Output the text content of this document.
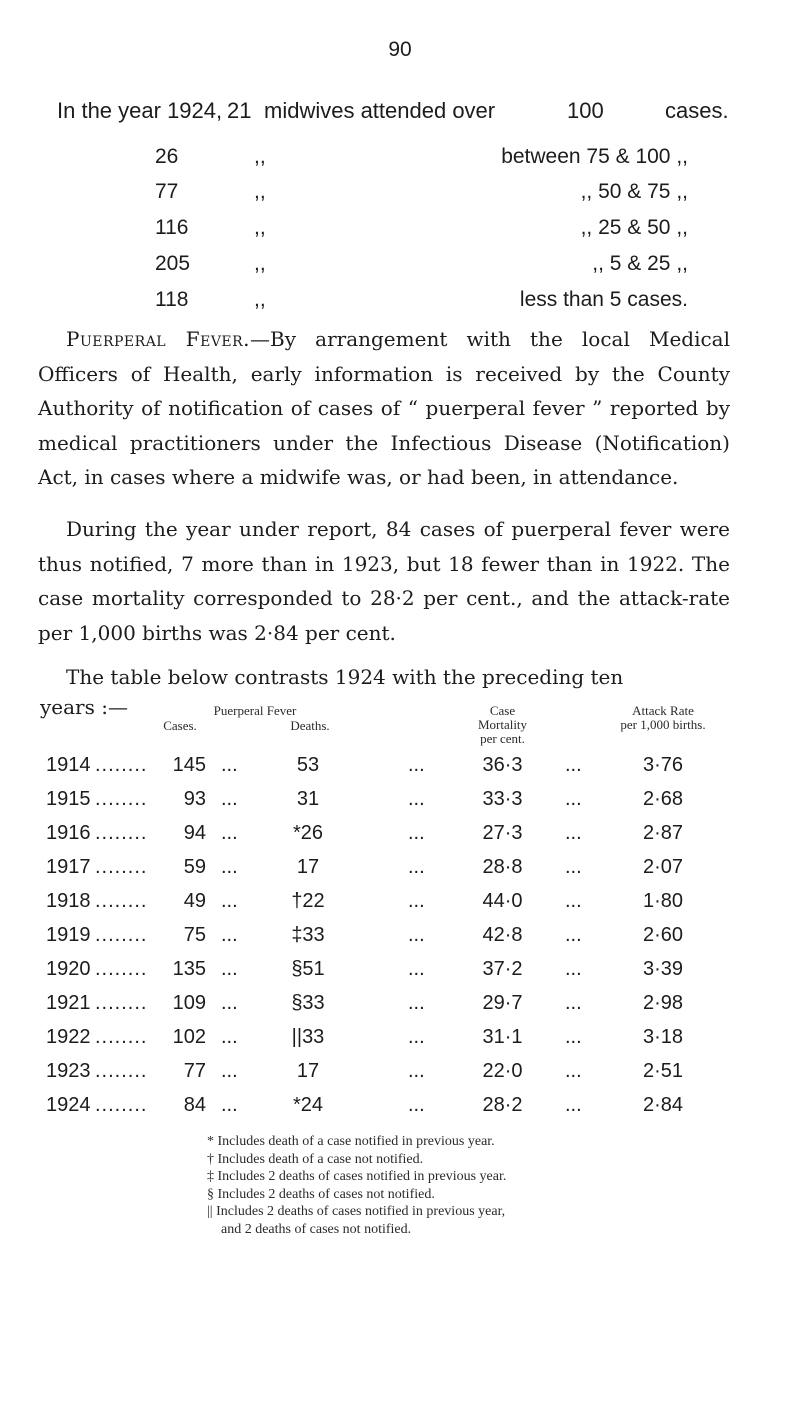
90
In the year 1924, 21 midwives attended over	100	cases.
26	,,	between 75 & 100 ,,
77	,,	,, 50 & 75 ,,
116	,,	,, 25 & 50 ,,
205	,,	,, 5 & 25 ,,
118	,,	less than 5 cases.

Puerperal Fever.—By arrangement with the local Medical Officers of Health, early information is received by the County Authority of notification of cases of “ puerperal fever ” reported by medical practitioners under the Infectious Disease (Notification) Act, in cases where a midwife was, or had been, in attendance.

During the year under report, 84 cases of puerperal fever were thus notified, 7 more than in 1923, but 18 fewer than in 1922. The case mortality corresponded to 28·2 per cent., and the attack-rate per 1,000 births was 2·84 per cent.

The table below contrasts 1924 with the preceding ten

years :—	Puerperal Fever
Cases.	Deaths.
Case
Mortality
per cent.
Attack Rate
per 1,000 births.
1914 ........	145 ...	53	...	36·3	...	3·76
1915 ........	93 ...	31	...	33·3	...	2·68
1916 ........	94 ...	*26	...	27·3	...	2·87
1917 ........	59 ...	17	...	28·8	...	2·07
1918 ........	49 ...	†22	...	44·0	...	1·80
1919 ........	75 ...	‡33	...	42·8	...	2·60
1920 ........	135 ...	§51	...	37·2	...	3·39
1921 ........	109 ...	§33	...	29·7	...	2·98
1922 ........	102 ...	||33	...	31·1	...	3·18
1923 ........	77 ...	17	...	22·0	...	2·51
1924 ........	84 ...	*24	...	28·2	...	2·84
* Includes death of a case notified in previous year.
† Includes death of a case not notified.
‡ Includes 2 deaths of cases notified in previous year.
§ Includes 2 deaths of cases not notified.
|| Includes 2 deaths of cases notified in previous year,
and 2 deaths of cases not notified.
